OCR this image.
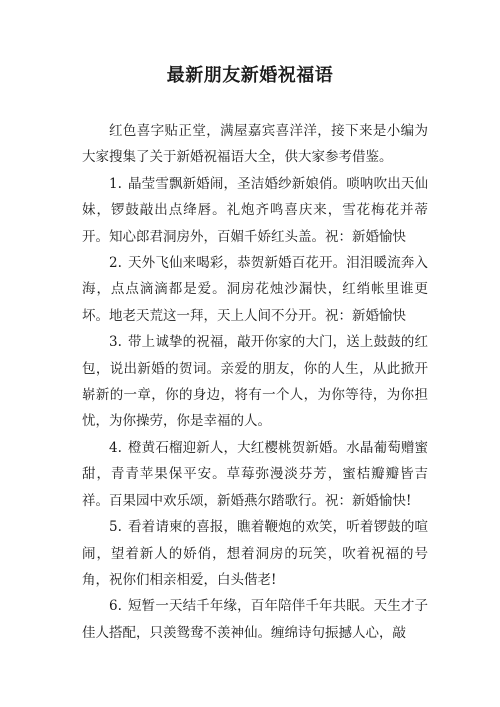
最新朋友新婚祝福语

红色喜字贴正堂，满屋嘉宾喜洋洋，接下来是小编为大家搜集了关于新婚祝福语大全，供大家参考借鉴。

1. 晶莹雪飘新婚闹，圣洁婚纱新娘俏。唢呐吹出天仙妹，锣鼓敲出点绛唇。礼炮齐鸣喜庆来，雪花梅花并蒂开。知心郎君洞房外，百媚千娇红头盖。祝：新婚愉快

2. 天外飞仙来喝彩，恭贺新婚百花开。泪泪暖流奔入海，点点滴滴都是爱。洞房花烛沙漏快，红绡帐里谁更坏。地老天荒这一拜，天上人间不分开。祝：新婚愉快

3. 带上诚挚的祝福，敲开你家的大门，送上鼓鼓的红包，说出新婚的贺词。亲爱的朋友，你的人生，从此掀开崭新的一章，你的身边，将有一个人，为你等待，为你担忧，为你操劳，你是幸福的人。

4. 橙黄石榴迎新人，大红樱桃贺新婚。水晶葡萄赠蜜甜，青青苹果保平安。草莓弥漫淡芬芳，蜜桔瓣瓣皆吉祥。百果园中欢乐颂，新婚燕尔踏歌行。祝：新婚愉快!

5. 看着请柬的喜报，瞧着鞭炮的欢笑，听着锣鼓的喧闹，望着新人的娇俏，想着洞房的玩笑，吹着祝福的号角，祝你们相亲相爱，白头偕老!

6. 短暂一天结千年缘，百年陪伴千年共眠。天生才子佳人搭配，只羡鸳鸯不羡神仙。缠绵诗句振撼人心，敲
